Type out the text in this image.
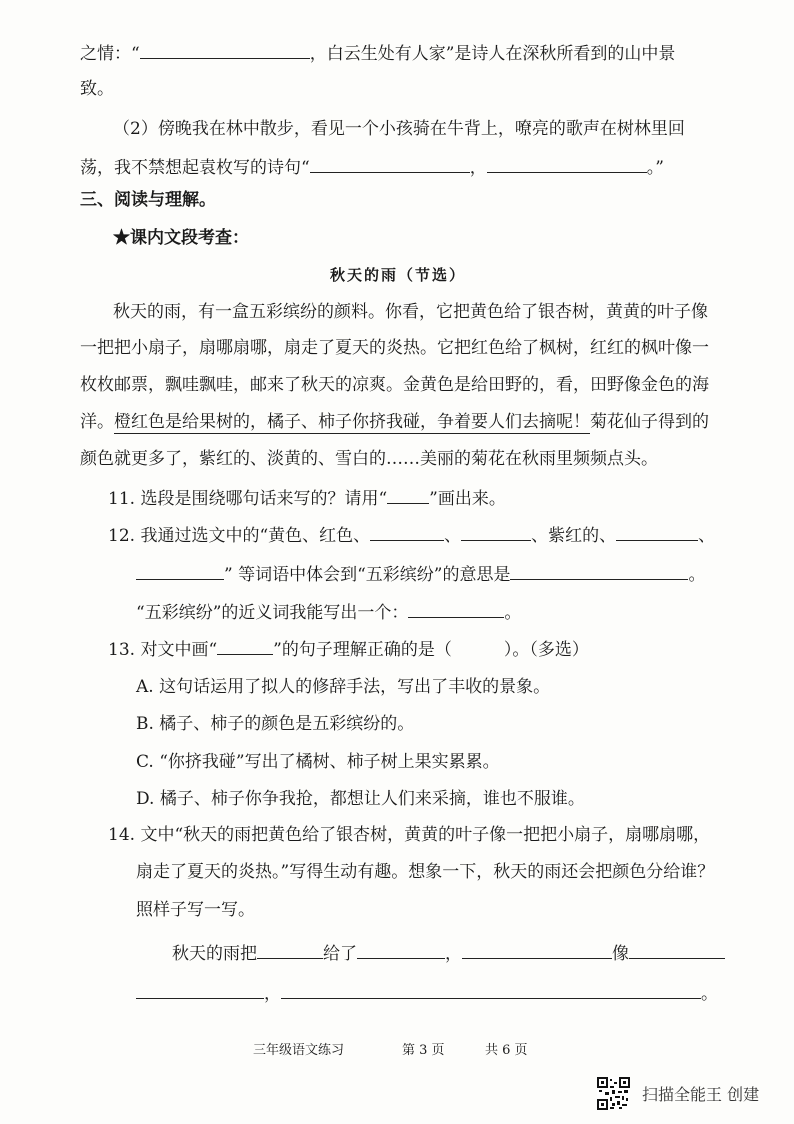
之情：“	，白云生处有人家”是诗人在深秋所看到的山中景
致。
（2）傍晚我在林中散步，看见一个小孩骑在牛背上，嘹亮的歌声在树林里回
荡，我不禁想起袁枚写的诗句“	，	。”
三、阅读与理解。
★课内文段考查：
秋天的雨（节选）
秋天的雨，有一盒五彩缤纷的颜料。你看，它把黄色给了银杏树，黄黄的叶子像
一把把小扇子，扇哪扇哪，扇走了夏天的炎热。它把红色给了枫树，红红的枫叶像一
枚枚邮票，飘哇飘哇，邮来了秋天的凉爽。金黄色是给田野的，看，田野像金色的海
洋。橙红色是给果树的，橘子、柿子你挤我碰，争着要人们去摘呢！菊花仙子得到的
颜色就更多了，紫红的、淡黄的、雪白的……美丽的菊花在秋雨里频频点头。
11. 选段是围绕哪句话来写的？请用“ ”画出来。
12. 我通过选文中的“黄色、红色、	、	、紫红的、	、
” 等词语中体会到“五彩缤纷”的意思是	。
“五彩缤纷”的近义词我能写出一个：	。
13. 对文中画“	”的句子理解正确的是（	）。（多选）
A. 这句话运用了拟人的修辞手法，写出了丰收的景象。
B. 橘子、柿子的颜色是五彩缤纷的。
C. “你挤我碰”写出了橘树、柿子树上果实累累。
D. 橘子、柿子你争我抢，都想让人们来采摘，谁也不服谁。
14. 文中“秋天的雨把黄色给了银杏树，黄黄的叶子像一把把小扇子，扇哪扇哪，
扇走了夏天的炎热。”写得生动有趣。想象一下，秋天的雨还会把颜色分给谁？
照样子写一写。
秋天的雨把	给了	，	像
，	。
三年级语文练习	第 3 页	共 6 页
扫描全能王 创建
